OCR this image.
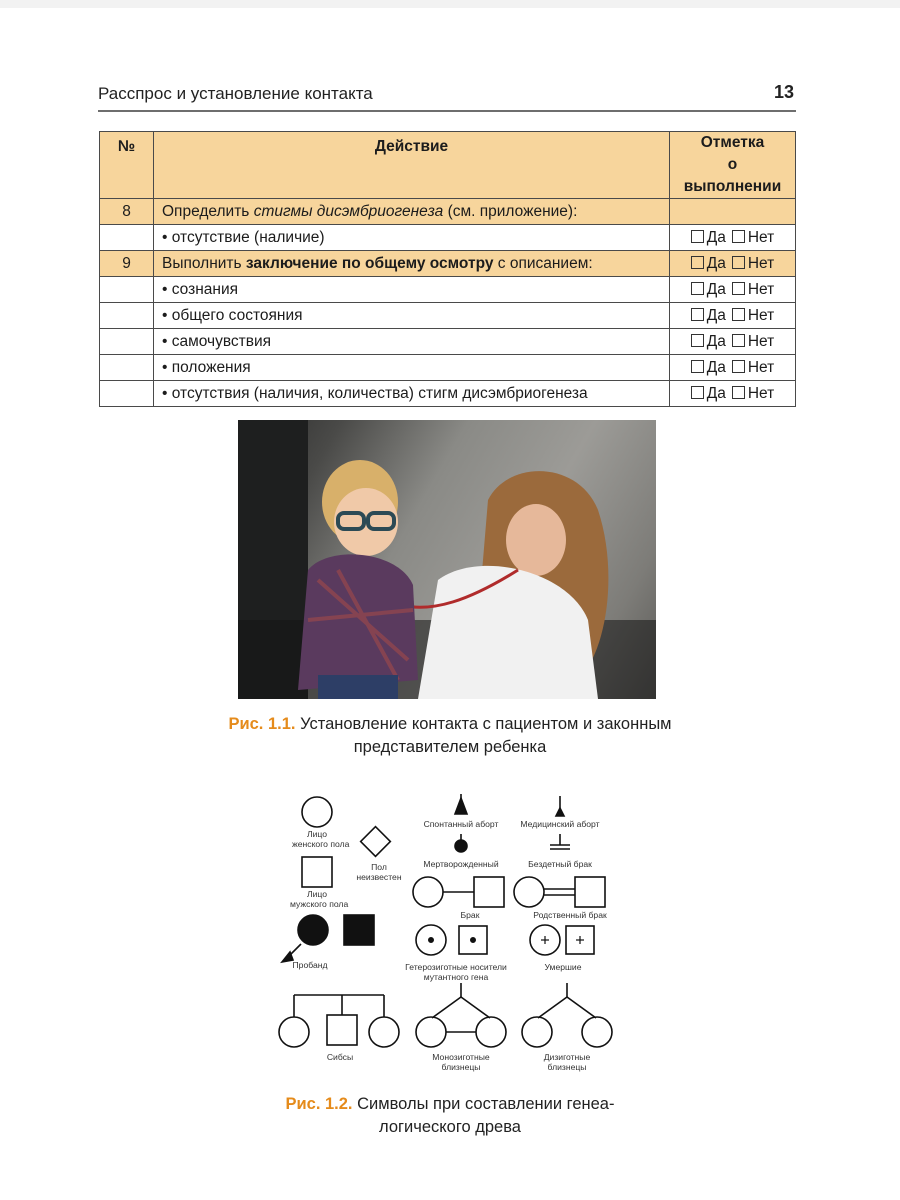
Расспрос и установление контакта	13
№	Действие	Отметка
о выполнении
8	Определить стигмы дисэмбриогенеза (см. приложение):	
	• отсутствие (наличие)	Да Нет
9	Выполнить заключение по общему осмотру с описанием:	Да Нет
	• сознания	Да Нет
	• общего состояния	Да Нет
	• самочувствия	Да Нет
	• положения	Да Нет
	• отсутствия (наличия, количества) стигм дисэмбриогенеза	Да Нет
Рис. 1.1. Установление контакта с пациентом и законным
представителем ребенка
Лицо
женского пола
Пол
неизвестен
Лицо
мужского пола
Пробанд
Спонтанный аборт	Медицинский аборт
Мертворожденный	Бездетный брак
Брак	Родственный брак
Гетерозиготные носители
мутантного гена
Умершие
Сибсы	Монозиготные
близнецы
Дизиготные
близнецы
Рис. 1.2. Символы при составлении генеа-
логического древа
